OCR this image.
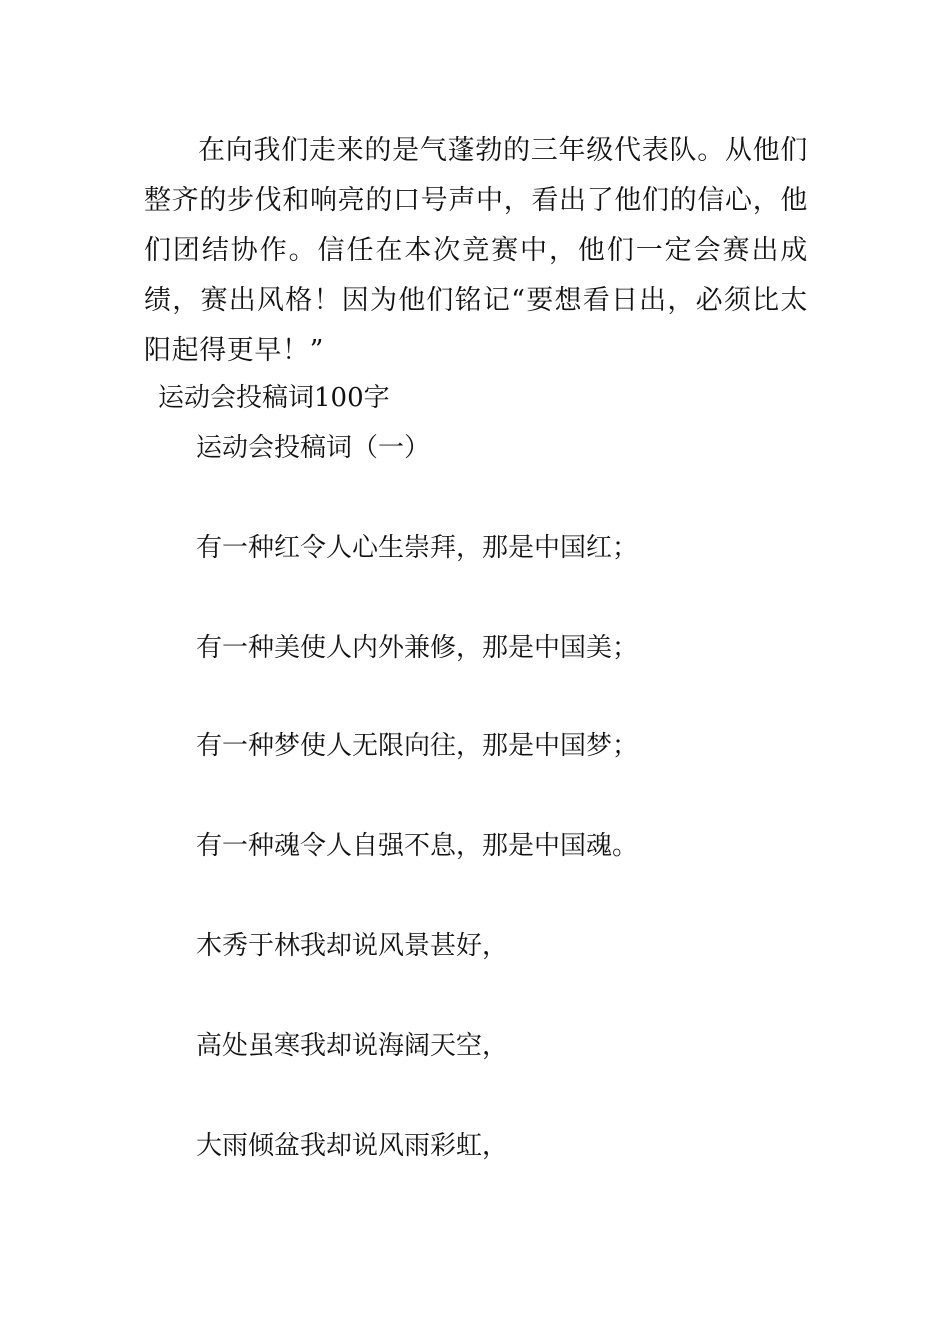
在向我们走来的是气蓬勃的三年级代表队。从他们整齐的步伐和响亮的口号声中，看出了他们的信心，他们团结协作。信任在本次竞赛中，他们一定会赛出成绩，赛出风格！因为他们铭记“要想看日出，必须比太阳起得更早！”

运动会投稿词100字
运动会投稿词（一）

有一种红令人心生崇拜，那是中国红；

有一种美使人内外兼修，那是中国美；

有一种梦使人无限向往，那是中国梦；

有一种魂令人自强不息，那是中国魂。

木秀于林我却说风景甚好，

高处虽寒我却说海阔天空，

大雨倾盆我却说风雨彩虹，
